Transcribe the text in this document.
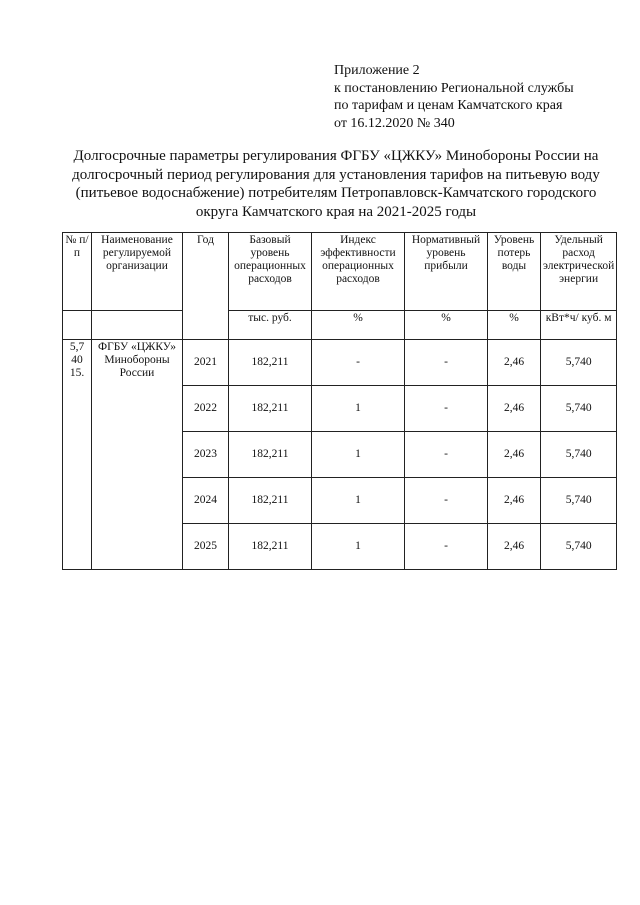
Приложение 2
к постановлению Региональной службы
по тарифам и ценам Камчатского края
от 16.12.2020 № 340
Долгосрочные параметры регулирования ФГБУ «ЦЖКУ» Минобороны России на
долгосрочный период регулирования для установления тарифов на питьевую воду
(питьевое водоснабжение) потребителям Петропавловск-Камчатского городского
округа Камчатского края на 2021-2025 годы
№ п/п	Наименование регулируемой организации	Год	Базовый уровень операционных расходов	Индекс эффективности операционных расходов	Нормативный уровень прибыли	Уровень потерь воды	Удельный расход электрической энергии
			тыс. руб.	%	%	%	кВт*ч/ куб. м
5,7 40 15.	ФГБУ «ЦЖКУ» Минобороны России	2021	182,211	-	-	2,46	5,740
		2022	182,211	1	-	2,46	5,740
		2023	182,211	1	-	2,46	5,740
		2024	182,211	1	-	2,46	5,740
		2025	182,211	1	-	2,46	5,740
